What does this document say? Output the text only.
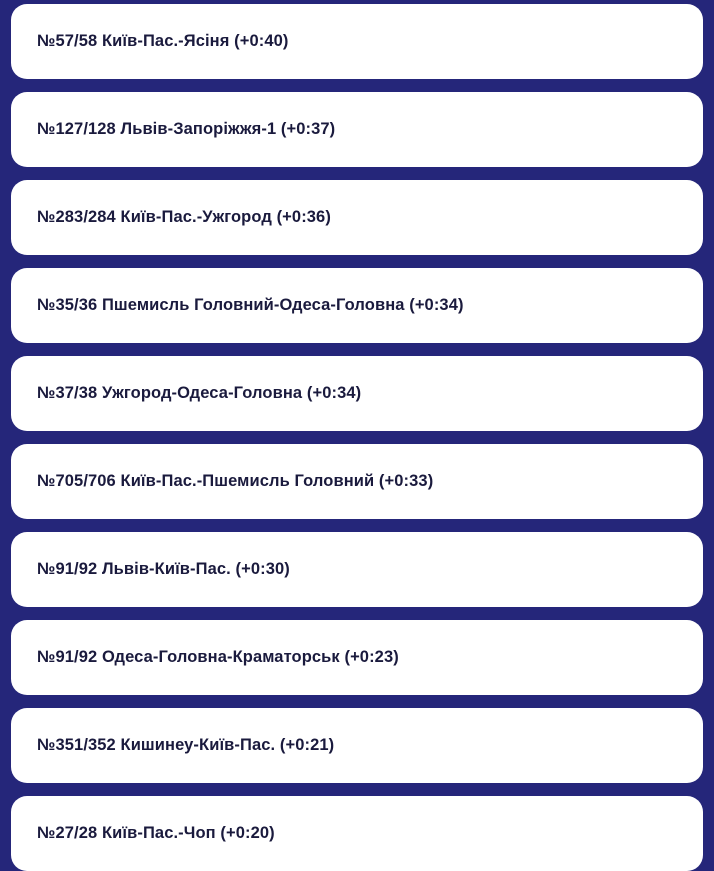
№57/58 Київ-Пас.-Ясіня (+0:40)
№127/128 Львів-Запоріжжя-1 (+0:37)
№283/284 Київ-Пас.-Ужгород (+0:36)
№35/36 Пшемисль Головний-Одеса-Головна (+0:34)
№37/38 Ужгород-Одеса-Головна (+0:34)
№705/706 Київ-Пас.-Пшемисль Головний (+0:33)
№91/92 Львів-Київ-Пас. (+0:30)
№91/92 Одеса-Головна-Краматорськ (+0:23)
№351/352 Кишинеу-Київ-Пас. (+0:21)
№27/28 Київ-Пас.-Чоп (+0:20)
